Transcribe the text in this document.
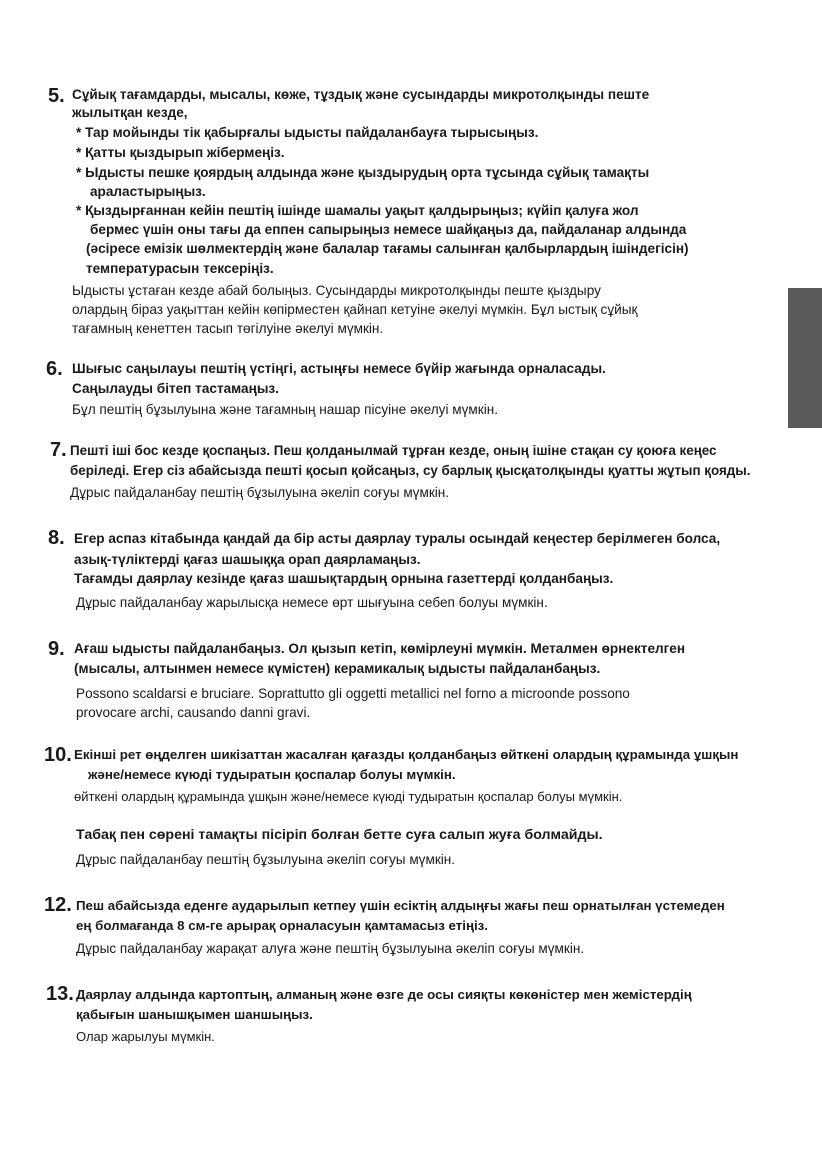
5. Сұйық тағамдарды, мысалы, көже, тұздық және сусындарды микротолқынды пеште
жылытқан кезде,
* Тар мойынды тік қабырғалы ыдысты пайдаланбауға тырысыңыз.
* Қатты қыздырып жібермеңіз.
* Ыдысты пешке қоярдың алдында және қыздырудың орта тұсында сұйық тамақты
араластырыңыз.
* Қыздырғаннан кейін пештің ішінде шамалы уақыт қалдырыңыз; күйіп қалуға жол
бермес үшін оны тағы да еппен сапырыңыз немесе шайқаңыз да, пайдаланар алдында
(әсіресе емізік шөлмектердің және балалар тағамы салынған қалбырлардың ішіндегісін)
температурасын тексеріңіз.
Ыдысты ұстаған кезде абай болыңыз. Сусындарды микротолқынды пеште қыздыру
олардың біраз уақыттан кейін көпірместен қайнап кетуіне әкелуі мүмкін. Бұл ыстық сұйық
тағамның кенеттен тасып төгілуіне әкелуі мүмкін.
6. Шығыс саңылауы пештің үстіңгі, астыңғы немесе бүйір жағында орналасады.
Саңылауды бітеп тастамаңыз.
Бұл пештің бұзылуына және тағамның нашар пісуіне әкелуі мүмкін.
7. Пешті іші бос кезде қоспаңыз. Пеш қолданылмай тұрған кезде, оның ішіне стақан су қоюға кеңес
беріледі. Егер сіз абайсызда пешті қосып қойсаңыз, су барлық қысқатолқынды қуатты жұтып қояды.
Дұрыс пайдаланбау пештің бұзылуына әкеліп соғуы мүмкін.
8. Егер аспаз кітабында қандай да бір асты даярлау туралы осындай кеңестер берілмеген болса,
азық-түліктерді қағаз шашыққа орап даярламаңыз.
Тағамды даярлау кезінде қағаз шашықтардың орнына газеттерді қолданбаңыз.
Дұрыс пайдаланбау жарылысқа немесе өрт шығуына себеп болуы мүмкін.
9. Ағаш ыдысты пайдаланбаңыз. Ол қызып кетіп, көмірлеуні мүмкін. Металмен өрнектелген
(мысалы, алтынмен немесе күмістен) керамикалық ыдысты пайдаланбаңыз.
Possono scaldarsi e bruciare. Soprattutto gli oggetti metallici nel forno a microonde possono
provocare archi, causando danni gravi.
10. Екінші рет өңделген шикізаттан жасалған қағазды қолданбаңыз өйткені олардың құрамында ұшқын
және/немесе күюді тудыратын қоспалар болуы мүмкін.
өйткені олардың құрамында ұшқын және/немесе күюді тудыратын қоспалар болуы мүмкін.
Табақ пен сөрені тамақты пісіріп болған бетте суға салып жуға болмайды.
Дұрыс пайдаланбау пештің бұзылуына әкеліп соғуы мүмкін.
12. Пеш абайсызда еденге аударылып кетпеу үшін есіктің алдыңғы жағы пеш орнатылған үстемеден
ең болмағанда 8 см-ге арырақ орналасуын қамтамасыз етіңіз.
Дұрыс пайдаланбау жарақат алуға және пештің бұзылуына әкеліп соғуы мүмкін.
13. Даярлау алдында картоптың, алманың және өзге де осы сияқты көкөністер мен жемістердің
қабығын шанышқымен шаншыңыз.
Олар жарылуы мүмкін.
